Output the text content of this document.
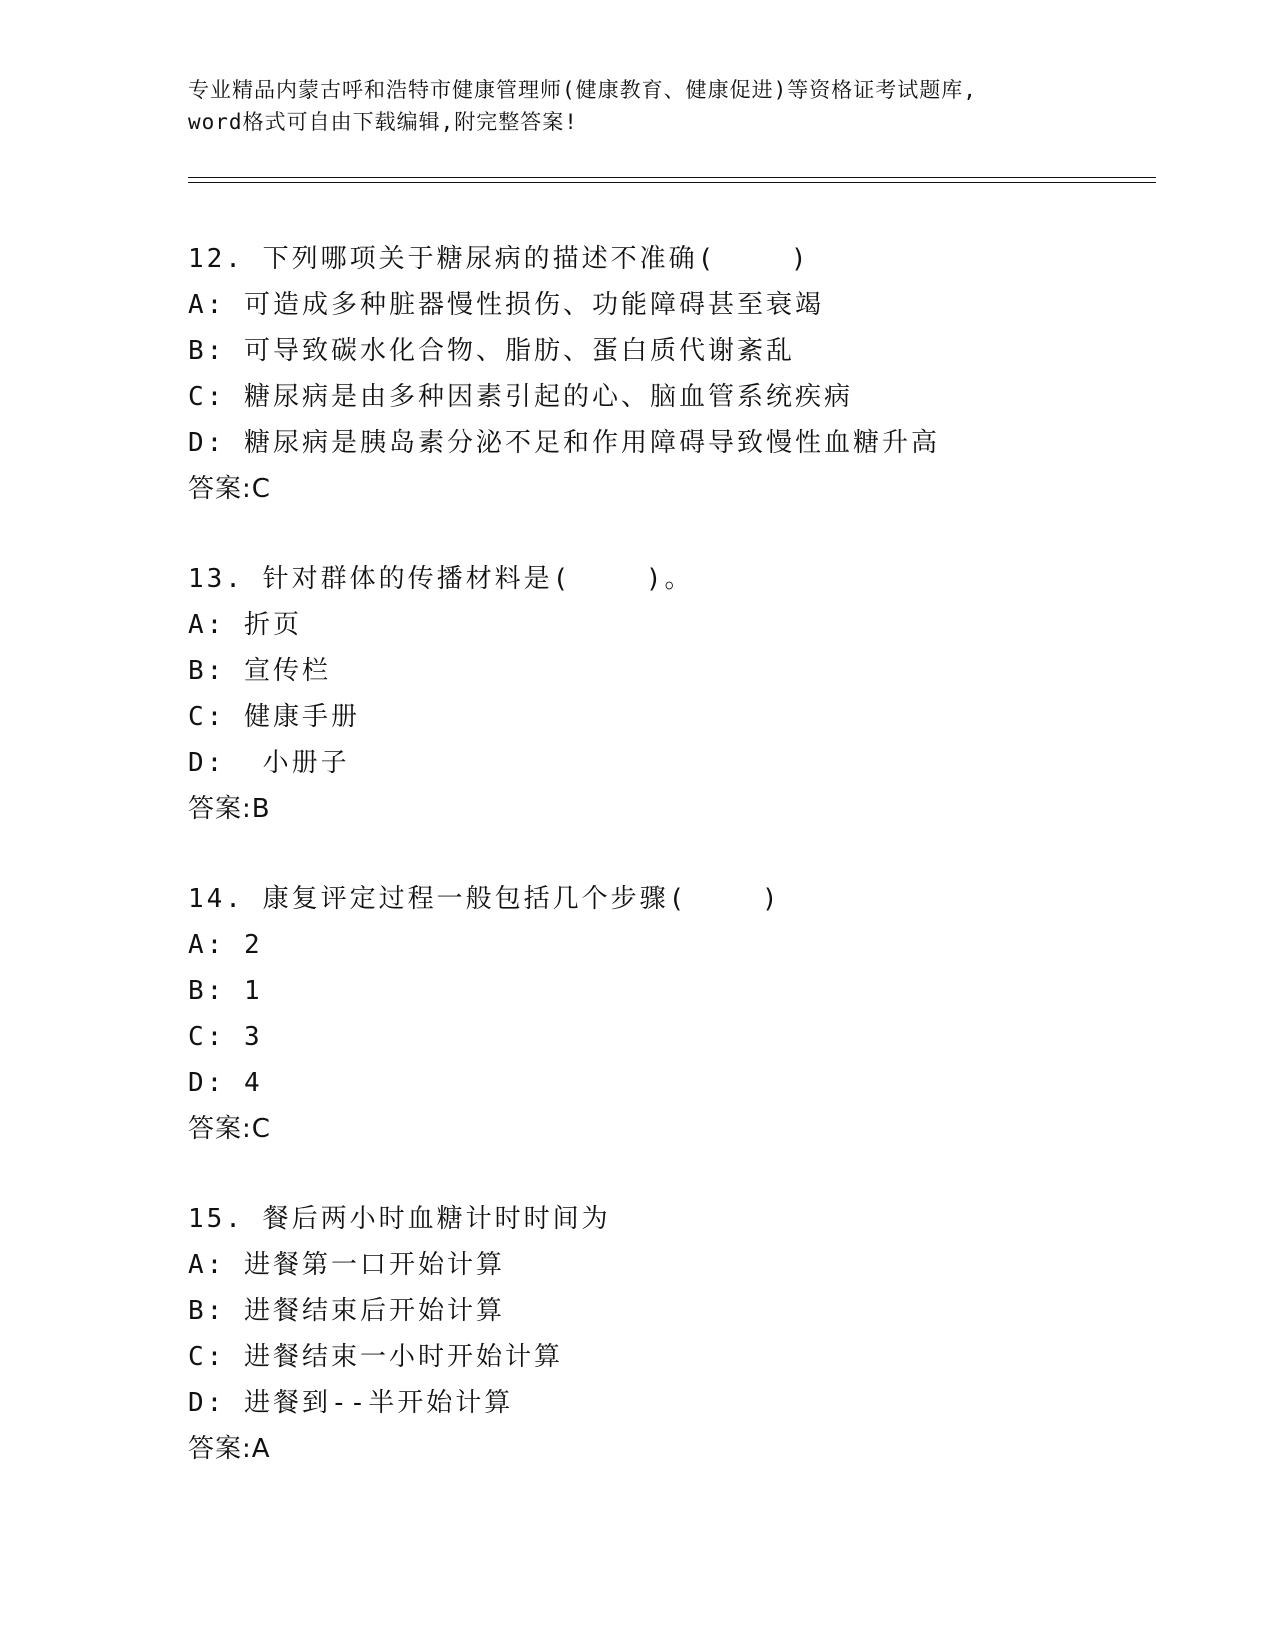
专业精品内蒙古呼和浩特市健康管理师(健康教育、健康促进)等资格证考试题库,
word格式可自由下载编辑,附完整答案!
12. 下列哪项关于糖尿病的描述不准确(    )
A: 可造成多种脏器慢性损伤、功能障碍甚至衰竭
B: 可导致碳水化合物、脂肪、蛋白质代谢紊乱
C: 糖尿病是由多种因素引起的心、脑血管系统疾病
D: 糖尿病是胰岛素分泌不足和作用障碍导致慢性血糖升高
答案:C
13. 针对群体的传播材料是(    )。
A: 折页
B: 宣传栏
C: 健康手册
D:  小册子
答案:B
14. 康复评定过程一般包括几个步骤(    )
A: 2
B: 1
C: 3
D: 4
答案:C
15. 餐后两小时血糖计时时间为
A: 进餐第一口开始计算
B: 进餐结束后开始计算
C: 进餐结束一小时开始计算
D: 进餐到--半开始计算
答案:A
